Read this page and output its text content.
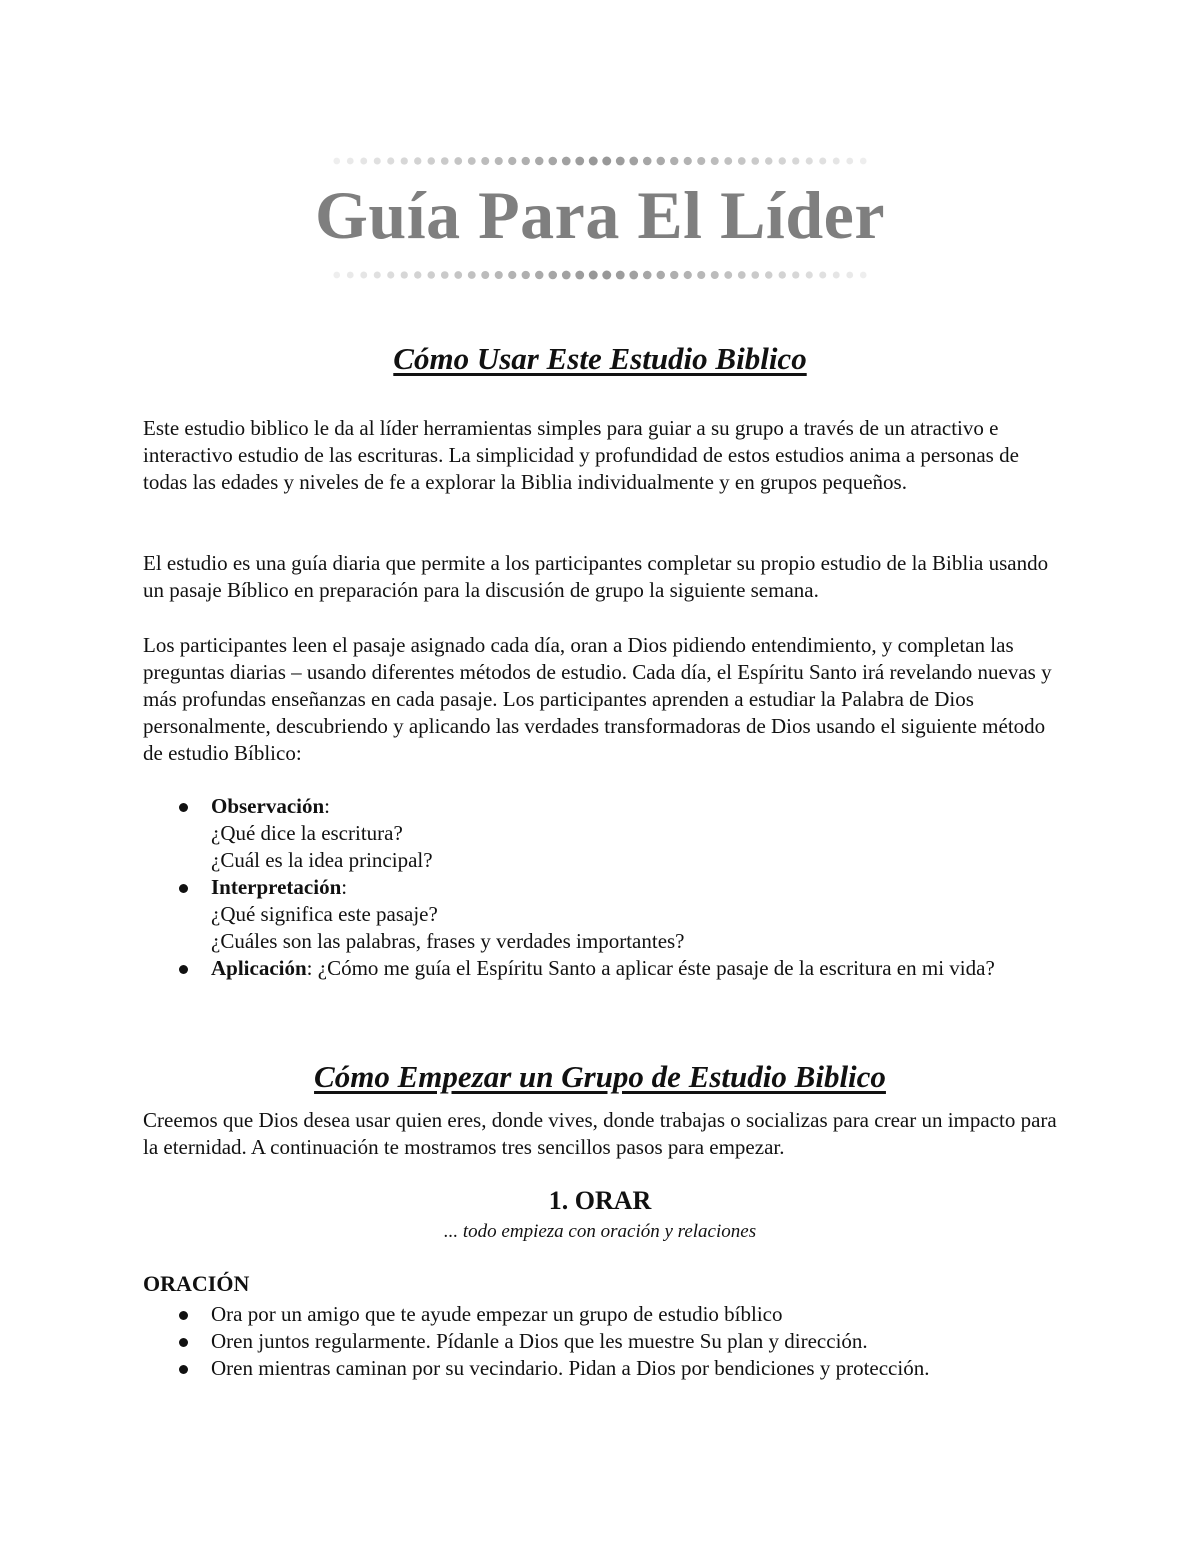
Guía Para El Líder
Cómo Usar Este Estudio Biblico

Este estudio biblico le da al líder herramientas simples para guiar a su grupo a través de un atractivo e interactivo estudio de las escrituras. La simplicidad y profundidad de estos estudios anima a personas de todas las edades y niveles de fe a explorar la Biblia individualmente y en grupos pequeños.

El estudio es una guía diaria que permite a los participantes completar su propio estudio de la Biblia usando un pasaje Bíblico en preparación para la discusión de grupo la siguiente semana.

Los participantes leen el pasaje asignado cada día, oran a Dios pidiendo entendimiento, y completan las preguntas diarias – usando diferentes métodos de estudio. Cada día, el Espíritu Santo irá revelando nuevas y más profundas enseñanzas en cada pasaje. Los participantes aprenden a estudiar la Palabra de Dios personalmente, descubriendo y aplicando las verdades transformadoras de Dios usando el siguiente método de estudio Bíblico:

Observación:
¿Qué dice la escritura?
¿Cuál es la idea principal?
Interpretación:
¿Qué significa este pasaje?
¿Cuáles son las palabras, frases y verdades importantes?
Aplicación: ¿Cómo me guía el Espíritu Santo a aplicar éste pasaje de la escritura en mi vida?
Cómo Empezar un Grupo de Estudio Biblico

Creemos que Dios desea usar quien eres, donde vives, donde trabajas o socializas para crear un impacto para la eternidad. A continuación te mostramos tres sencillos pasos para empezar.

1. ORAR
... todo empieza con oración y relaciones
ORACIÓN
Ora por un amigo que te ayude empezar un grupo de estudio bíblico
Oren juntos regularmente. Pídanle a Dios que les muestre Su plan y dirección.
Oren mientras caminan por su vecindario. Pidan a Dios por bendiciones y protección.
